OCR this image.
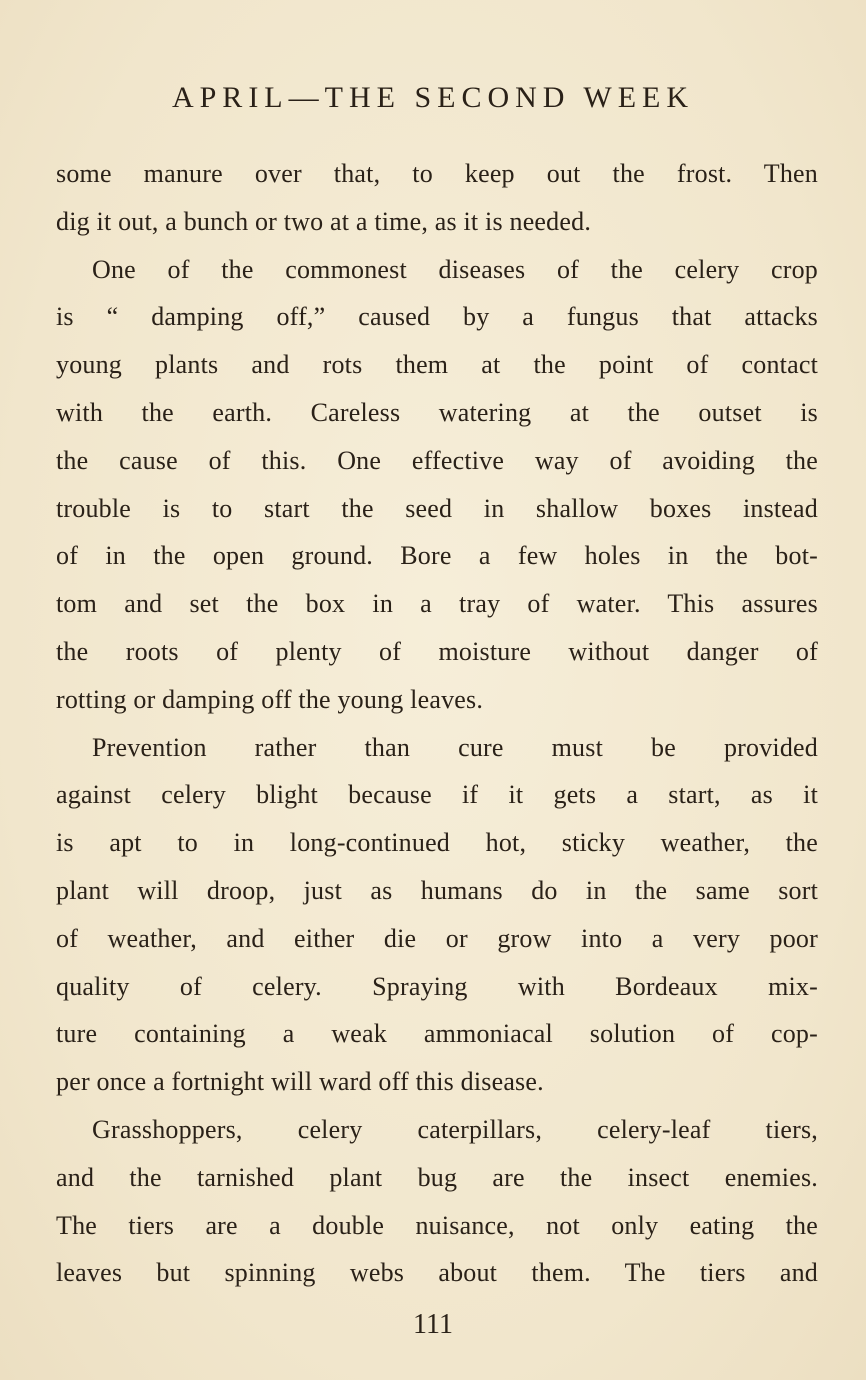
APRIL—THE SECOND WEEK
some manure over that, to keep out the frost. Then
dig it out, a bunch or two at a time, as it is needed.
One of the commonest diseases of the celery crop
is “ damping off,” caused by a fungus that attacks
young plants and rots them at the point of contact
with the earth. Careless watering at the outset is
the cause of this. One effective way of avoiding the
trouble is to start the seed in shallow boxes instead
of in the open ground. Bore a few holes in the bot-
tom and set the box in a tray of water. This assures
the roots of plenty of moisture without danger of
rotting or damping off the young leaves.
Prevention rather than cure must be provided
against celery blight because if it gets a start, as it
is apt to in long-continued hot, sticky weather, the
plant will droop, just as humans do in the same sort
of weather, and either die or grow into a very poor
quality of celery. Spraying with Bordeaux mix-
ture containing a weak ammoniacal solution of cop-
per once a fortnight will ward off this disease.
Grasshoppers, celery caterpillars, celery-leaf tiers,
and the tarnished plant bug are the insect enemies.
The tiers are a double nuisance, not only eating the
leaves but spinning webs about them. The tiers and
111
